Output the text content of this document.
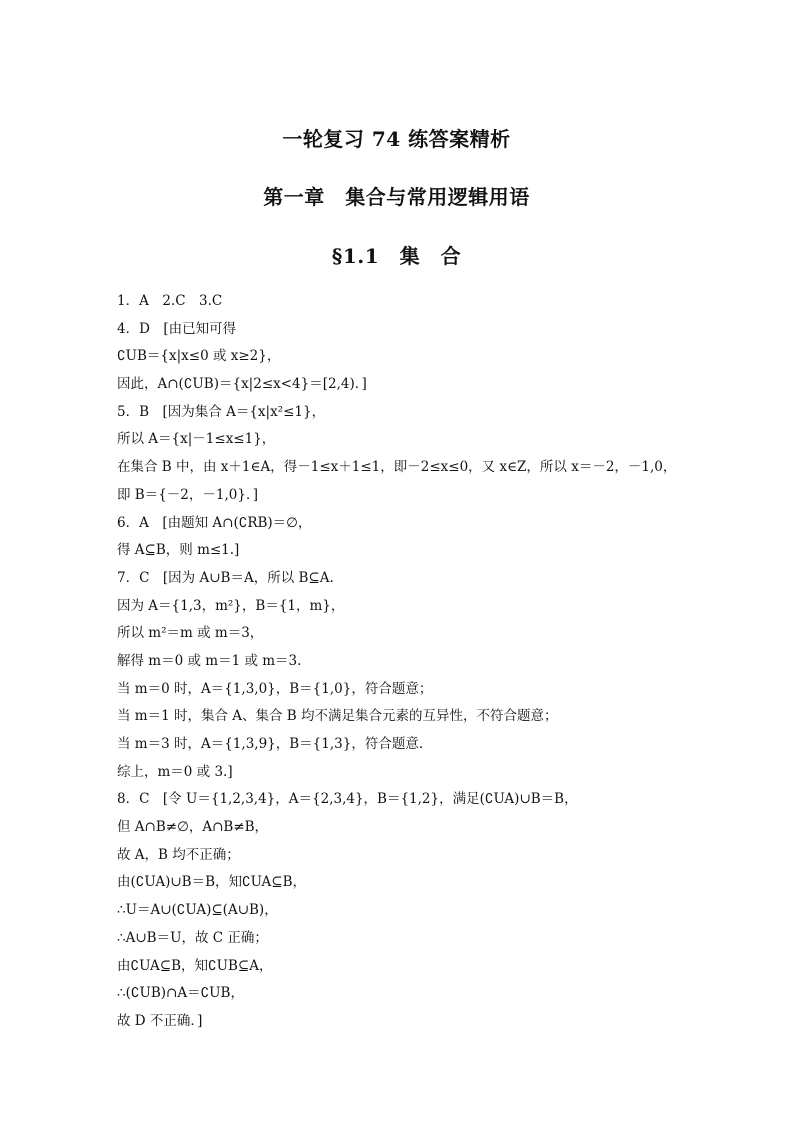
一轮复习 74 练答案精析
第一章　集合与常用逻辑用语
§1.1　集　合
1．A　2.C　3.C
4．D　[由已知可得
∁UB＝{x|x≤0 或 x≥2}，
因此，A∩(∁UB)＝{x|2≤x<4}＝[2,4)．]
5．B　[因为集合 A＝{x|x²≤1}，
所以 A＝{x|－1≤x≤1}，
在集合 B 中，由 x＋1∈A，得－1≤x＋1≤1，即－2≤x≤0，又 x∈Z，所以 x＝－2，－1,0，
即 B＝{－2，－1,0}．]
6．A　[由题知 A∩(∁RB)＝∅，
得 A⊆B，则 m≤1.]
7．C　[因为 A∪B＝A，所以 B⊆A.
因为 A＝{1,3，m²}，B＝{1，m}，
所以 m²＝m 或 m＝3，
解得 m＝0 或 m＝1 或 m＝3.
当 m＝0 时，A＝{1,3,0}，B＝{1,0}，符合题意；
当 m＝1 时，集合 A、集合 B 均不满足集合元素的互异性，不符合题意；
当 m＝3 时，A＝{1,3,9}，B＝{1,3}，符合题意．
综上，m＝0 或 3.]
8．C　[令 U＝{1,2,3,4}，A＝{2,3,4}，B＝{1,2}，满足(∁UA)∪B＝B，
但 A∩B≠∅，A∩B≠B，
故 A，B 均不正确；
由(∁UA)∪B＝B，知∁UA⊆B，
∴U＝A∪(∁UA)⊆(A∪B)，
∴A∪B＝U，故 C 正确；
由∁UA⊆B，知∁UB⊆A，
∴(∁UB)∩A＝∁UB，
故 D 不正确．]
